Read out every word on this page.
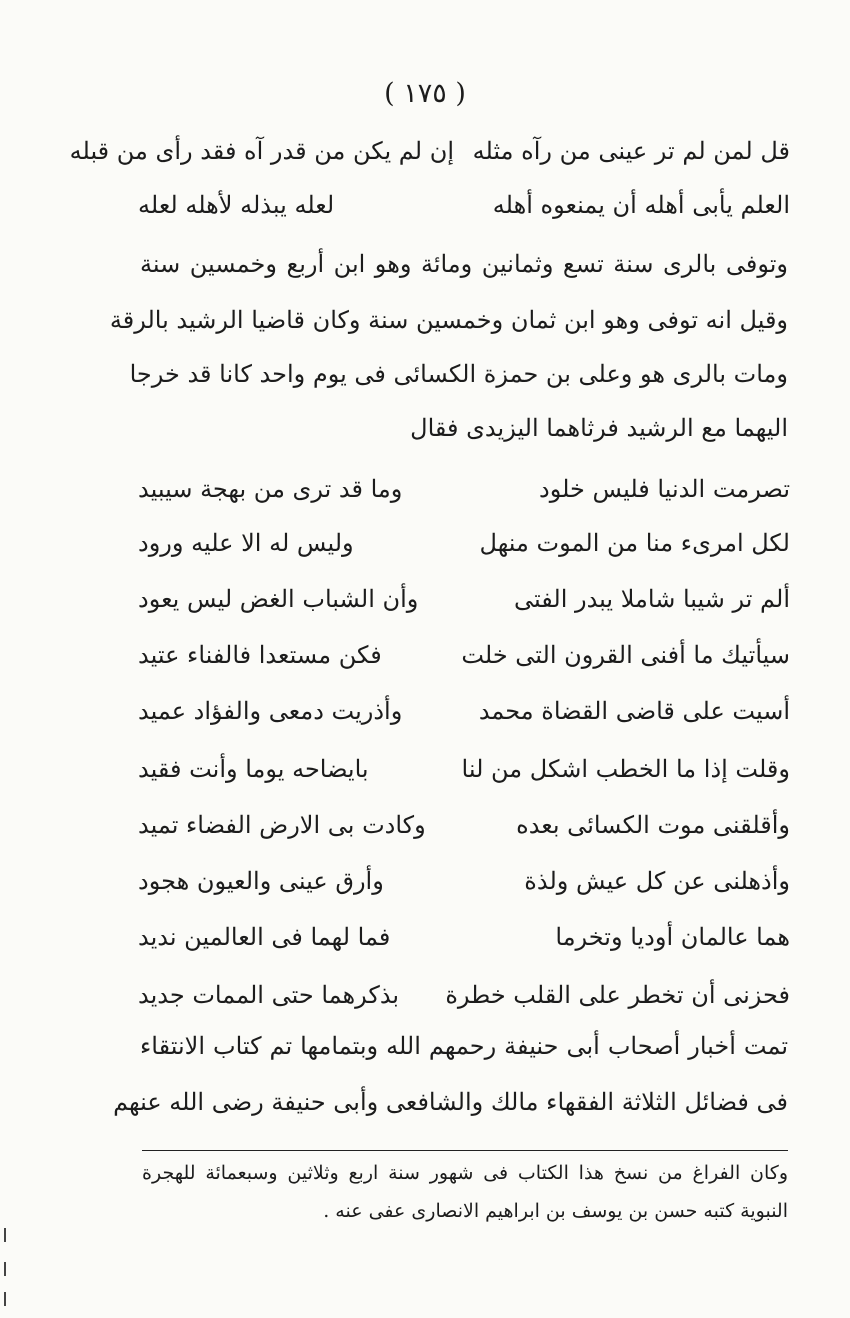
( ١٧٥ )
قل لمن لم تر عينى من رآه مثله
إن لم يكن من قدر آه فقد رأى من قبله
العلم يأبى أهله أن يمنعوه أهله
لعله يبذله لأهله لعله
وتوفى بالرى سنة تسع وثمانين ومائة وهو ابن أربع وخمسين سنة
وقيل انه توفى وهو ابن ثمان وخمسين سنة وكان قاضيا الرشيد بالرقة
ومات بالرى هو وعلى بن حمزة الكسائى فى يوم واحد كانا قد خرجا
اليهما مع الرشيد فرثاهما اليزيدى فقال
تصرمت الدنيا فليس خلود
وما قد ترى من بهجة سيبيد
لكل امرىء منا من الموت منهل
وليس له الا عليه ورود
ألم تر شيبا شاملا يبدر الفتى
وأن الشباب الغض ليس يعود
سيأتيك ما أفنى القرون التى خلت
فكن مستعدا فالفناء عتيد
أسيت على قاضى القضاة محمد
وأذريت دمعى والفؤاد عميد
وقلت إذا ما الخطب اشكل من لنا
بايضاحه يوما وأنت فقيد
وأقلقنى موت الكسائى بعده
وكادت بى الارض الفضاء تميد
وأذهلنى عن كل عيش ولذة
وأرق عينى والعيون هجود
هما عالمان أوديا وتخرما
فما لهما فى العالمين نديد
فحزنى أن تخطر على القلب خطرة
بذكرهما حتى الممات جديد
تمت أخبار أصحاب أبى حنيفة رحمهم الله وبتمامها تم كتاب الانتقاء
فى فضائل الثلاثة الفقهاء مالك والشافعى وأبى حنيفة رضى الله عنهم
وكان الفراغ من نسخ هذا الكتاب فى شهور سنة اربع وثلاثين وسبعمائة للهجرة
النبوية كتبه حسن بن يوسف بن ابراهيم الانصارى عفى عنه .
